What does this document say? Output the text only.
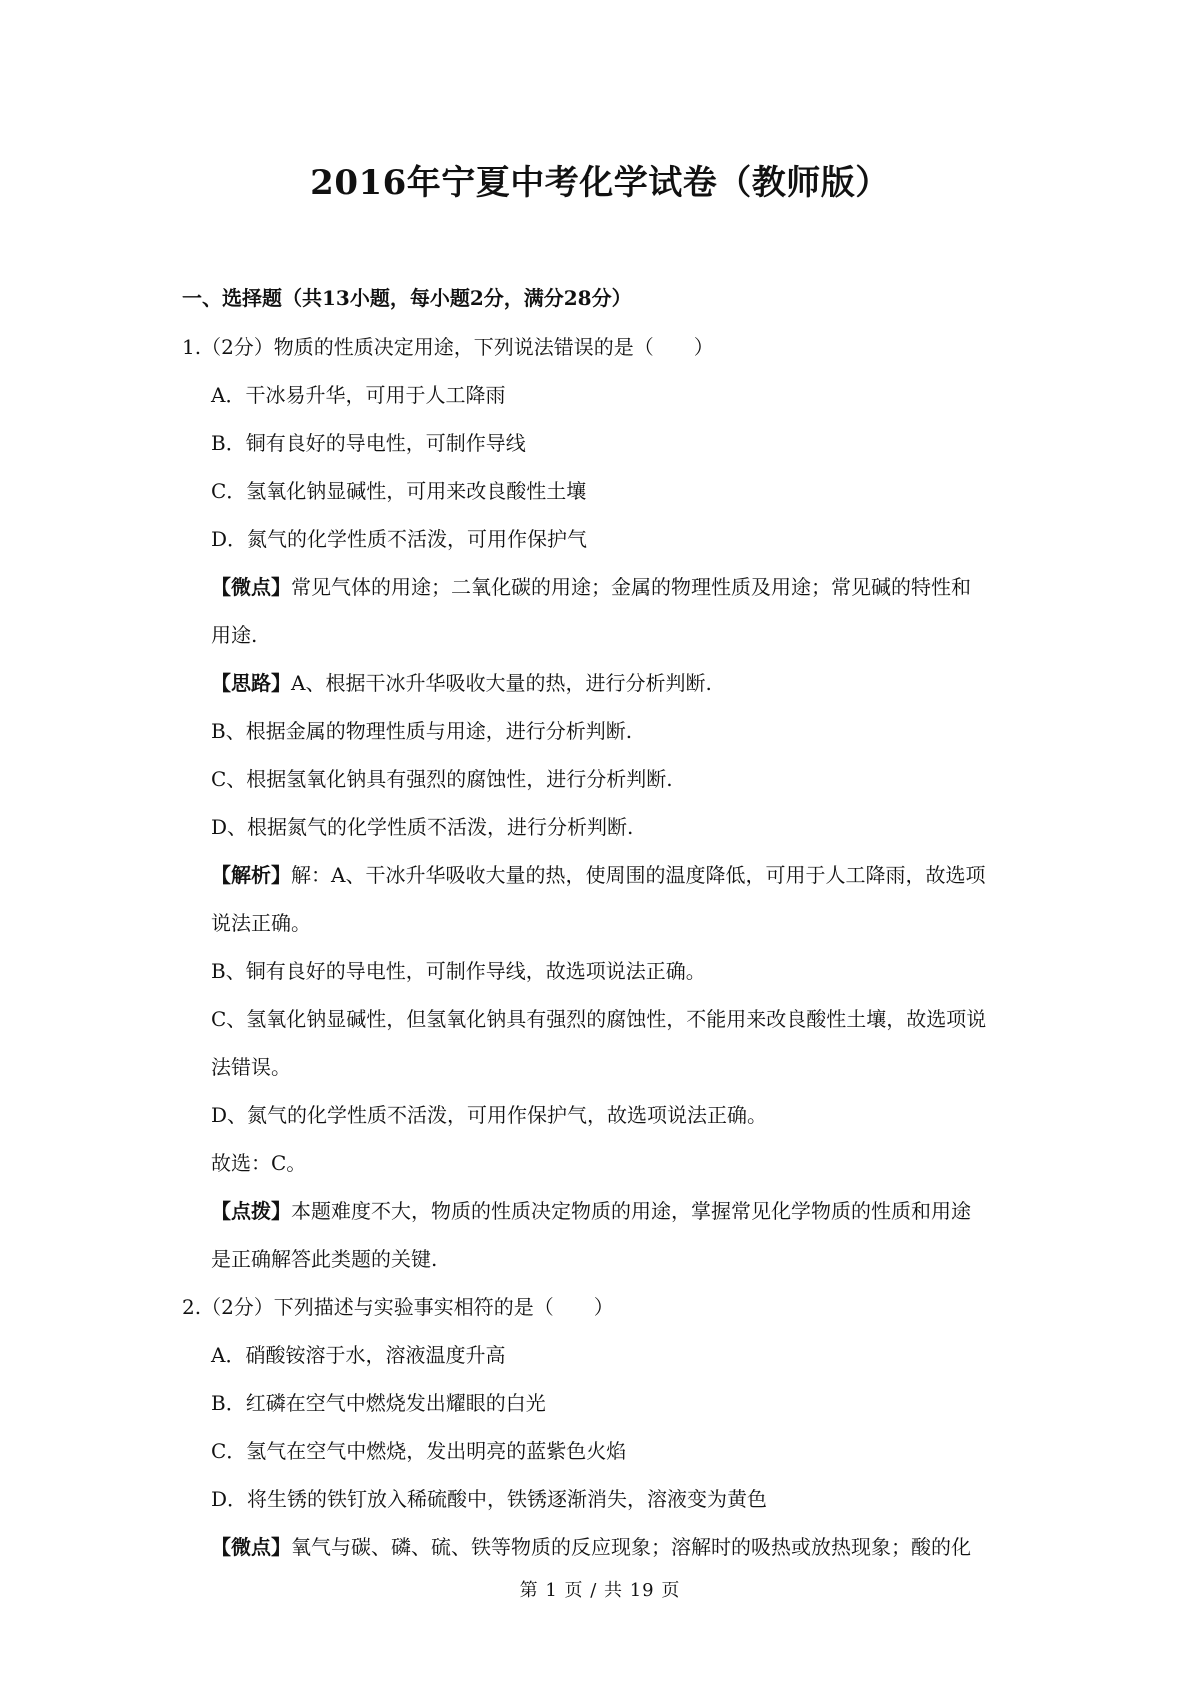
2016年宁夏中考化学试卷（教师版）
一、选择题（共13小题，每小题2分，满分28分）
1.（2分）物质的性质决定用途，下列说法错误的是（　　）
A．干冰易升华，可用于人工降雨
B．铜有良好的导电性，可制作导线
C．氢氧化钠显碱性，可用来改良酸性土壤
D．氮气的化学性质不活泼，可用作保护气
【微点】常见气体的用途；二氧化碳的用途；金属的物理性质及用途；常见碱的特性和
用途.
【思路】A、根据干冰升华吸收大量的热，进行分析判断.
B、根据金属的物理性质与用途，进行分析判断.
C、根据氢氧化钠具有强烈的腐蚀性，进行分析判断.
D、根据氮气的化学性质不活泼，进行分析判断.
【解析】解：A、干冰升华吸收大量的热，使周围的温度降低，可用于人工降雨，故选项
说法正确。
B、铜有良好的导电性，可制作导线，故选项说法正确。
C、氢氧化钠显碱性，但氢氧化钠具有强烈的腐蚀性，不能用来改良酸性土壤，故选项说
法错误。
D、氮气的化学性质不活泼，可用作保护气，故选项说法正确。
故选：C。
【点拨】本题难度不大，物质的性质决定物质的用途，掌握常见化学物质的性质和用途
是正确解答此类题的关键.
2.（2分）下列描述与实验事实相符的是（　　）
A．硝酸铵溶于水，溶液温度升高
B．红磷在空气中燃烧发出耀眼的白光
C．氢气在空气中燃烧，发出明亮的蓝紫色火焰
D．将生锈的铁钉放入稀硫酸中，铁锈逐渐消失，溶液变为黄色
【微点】氧气与碳、磷、硫、铁等物质的反应现象；溶解时的吸热或放热现象；酸的化
第 1 页 / 共 19 页
